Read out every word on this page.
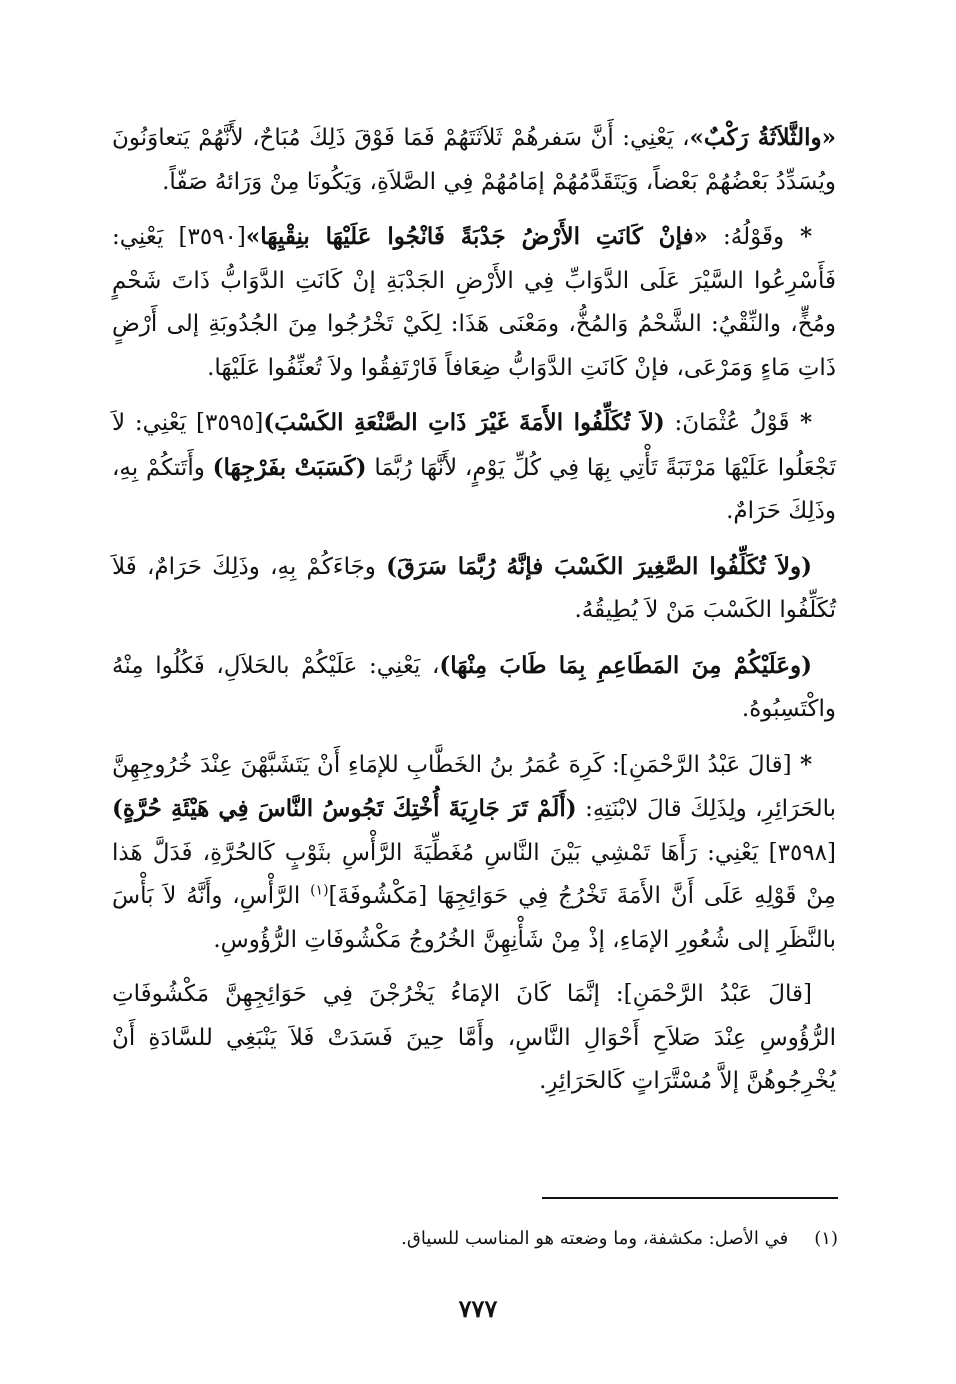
«والثَّلاَثَةُ رَكْبٌ»، يَعْنِي: أَنَّ سَفرهُمْ ثَلاَثَتَهُمْ فَمَا فَوْقَ ذَلِكَ مُبَاحٌ، لأَنَّهُمْ يَتعاوَنُونَ ويُسَدِّدُ بَعْضُهُمْ بَعْضاً، وَيَتَقَدَّمُهُمْ إمَامُهُمْ فِي الصَّلاَةِ، وَيَكُونَا مِنْ وَرَائهُ صَفّاً.

* وقَوْلُهُ: «فإنْ كَانَتِ الأَرْضُ جَدْبَةً فَانْجُوا عَلَيْهَا بنِقْيِهَا»[٣٥٩٠] يَعْنِي: فَأَسْرِعُوا السَّيْرَ عَلَى الدَّوَابِّ فِي الأَرْضِ الجَدْبَةِ إنْ كَانَتِ الدَّوَابُّ ذَاتَ شَحْمٍ ومُخٍّ، والنِّقْيُ: الشَّحْمُ وَالمُخُّ، ومَعْنَى هَذَا: لِكَيْ تَخْرُجُوا مِنَ الجُدُوبَةِ إلى أَرْضٍ ذَاتِ مَاءٍ وَمَرْعَى، فإنْ كَانَتِ الدَّوَابُّ ضِعَافاً فَارْتَفِقُوا ولاَ تُعنِّفُوا عَلَيْهَا.

* قَوْلُ عُثْمَانَ: (لاَ تُكَلِّفُوا الأَمَةَ غَيْرَ ذَاتِ الصَّنْعَةِ الكَسْبَ)[٣٥٩٥] يَعْنِي: لاَ تَجْعَلُوا عَلَيْهَا مَرْتَبَةً تَأْتِي بِهَا فِي كُلِّ يَوْمٍ، لأَنَّهَا رُبَّمَا (كَسَبَتْ بفَرْجِهَا) وأَتَتكُمْ بِهِ، وذَلِكَ حَرَامٌ.

(ولاَ تُكَلِّفُوا الصَّغِيرَ الكَسْبَ فإنَّهُ رُبَّمَا سَرَقَ) وجَاءَكُمْ بِهِ، وذَلِكَ حَرَامٌ، فَلاَ تُكَلِّفُوا الكَسْبَ مَنْ لاَ يُطِيقُهُ.

(وعَلَيْكُمْ مِنَ المَطَاعِمِ بِمَا طَابَ مِنْهَا)، يَعْنِي: عَلَيْكُمْ بالحَلاَلِ، فَكُلُوا مِنْهُ واكْتَسِبُوهُ.

* [قالَ عَبْدُ الرَّحْمَنِ]: كَرِهَ عُمَرُ بنُ الخَطَّابِ للإمَاءِ أَنْ يَتَشَبَّهْنَ عِنْدَ خُرُوجِهِنَّ بالحَرَائِرِ، ولِذَلِكَ قالَ لابْنَتِهِ: (أَلَمْ تَرَ جَارِيَةَ أُخْتِكَ تَجُوسُ النَّاسَ فِي هَيْئَةِ حُرَّةٍ)[٣٥٩٨] يَعْنِي: رَأَهَا تَمْشِي بَيْنَ النَّاسِ مُغَطِّيَةَ الرَّأْسِ بثَوْبٍ كَالحُرَّةِ، فَدَلَّ هَذا مِنْ قَوْلِهِ عَلَى أَنَّ الأَمَةَ تَخْرُجُ فِي حَوَائِجِهَا [مَكْشُوفَةَ]$^{(١)}$ الرَّأْسِ، وأَنَّهُ لاَ بَأْسَ بالنَّظَرِ إلى شُعُورِ الإمَاءِ، إذْ مِنْ شَأْنِهِنَّ الخُرُوجُ مَكْشُوفَاتِ الرُّؤُوسِ.

[قالَ عَبْدُ الرَّحْمَنِ]: إنَّمَا كَانَ الإمَاءُ يَخْرُجْنَ فِي حَوَائِجِهِنَّ مَكْشُوفَاتِ الرُّؤُوسِ عِنْدَ صَلاَحِ أَحْوَالِ النَّاسِ، وأَمَّا حِينَ فَسَدَتْ فَلاَ يَنْبَغِي للسَّادَةِ أَنْ يُخْرِجُوهُنَّ إلاَّ مُسْتَّرَاتٍ كَالحَرَائِرِ.

(١)في الأصل: مكشفة، وما وضعته هو المناسب للسياق.
٧٧٧
